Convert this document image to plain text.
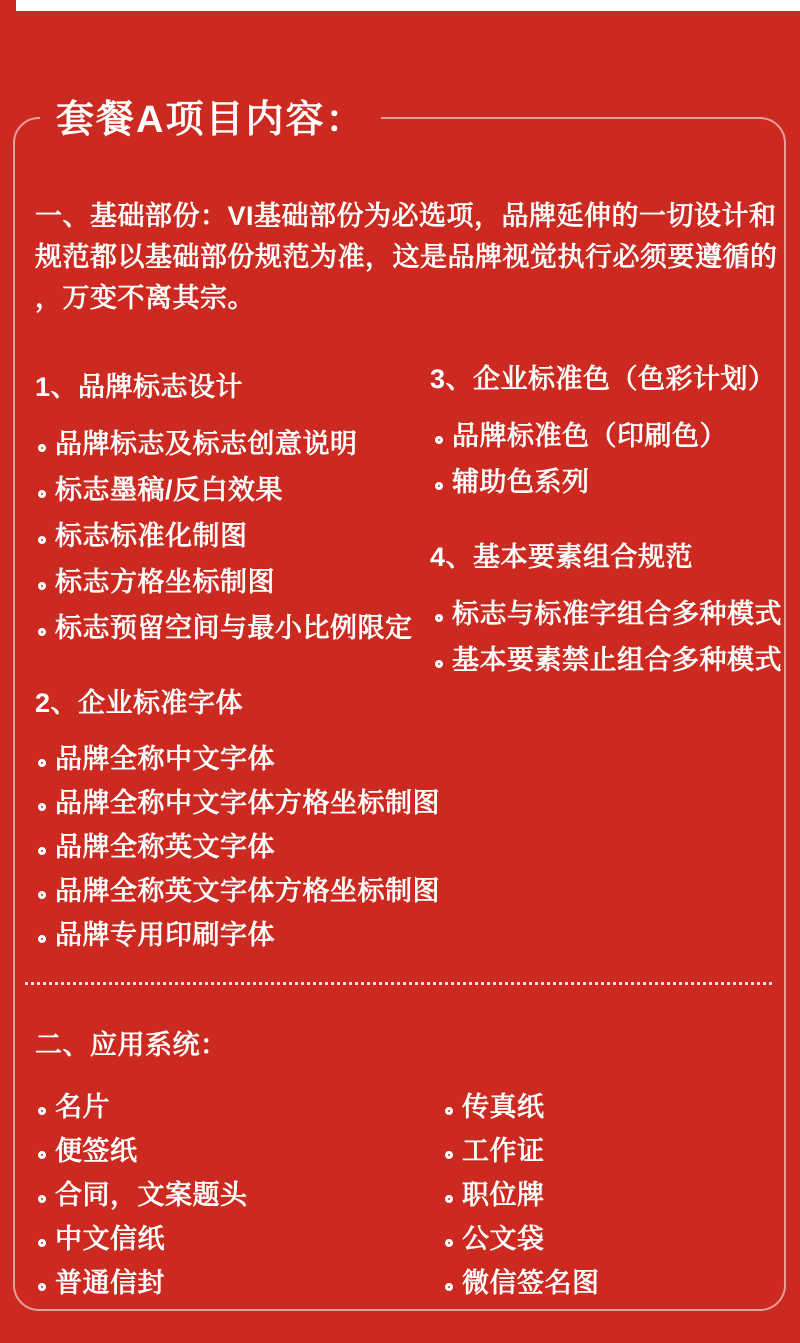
套餐A项目内容：
一、基础部份：VI基础部份为必选项，品牌延伸的一切设计和
规范都以基础部份规范为准，这是品牌视觉执行必须要遵循的
，万变不离其宗。
1、品牌标志设计
品牌标志及标志创意说明
标志墨稿/反白效果
标志标准化制图
标志方格坐标制图
标志预留空间与最小比例限定
2、企业标准字体
品牌全称中文字体
品牌全称中文字体方格坐标制图
品牌全称英文字体
品牌全称英文字体方格坐标制图
品牌专用印刷字体
3、企业标准色（色彩计划）
品牌标准色（印刷色）
辅助色系列
4、基本要素组合规范
标志与标准字组合多种模式
基本要素禁止组合多种模式
二、应用系统：
名片
便签纸
合同，文案题头
中文信纸
普通信封
传真纸
工作证
职位牌
公文袋
微信签名图
